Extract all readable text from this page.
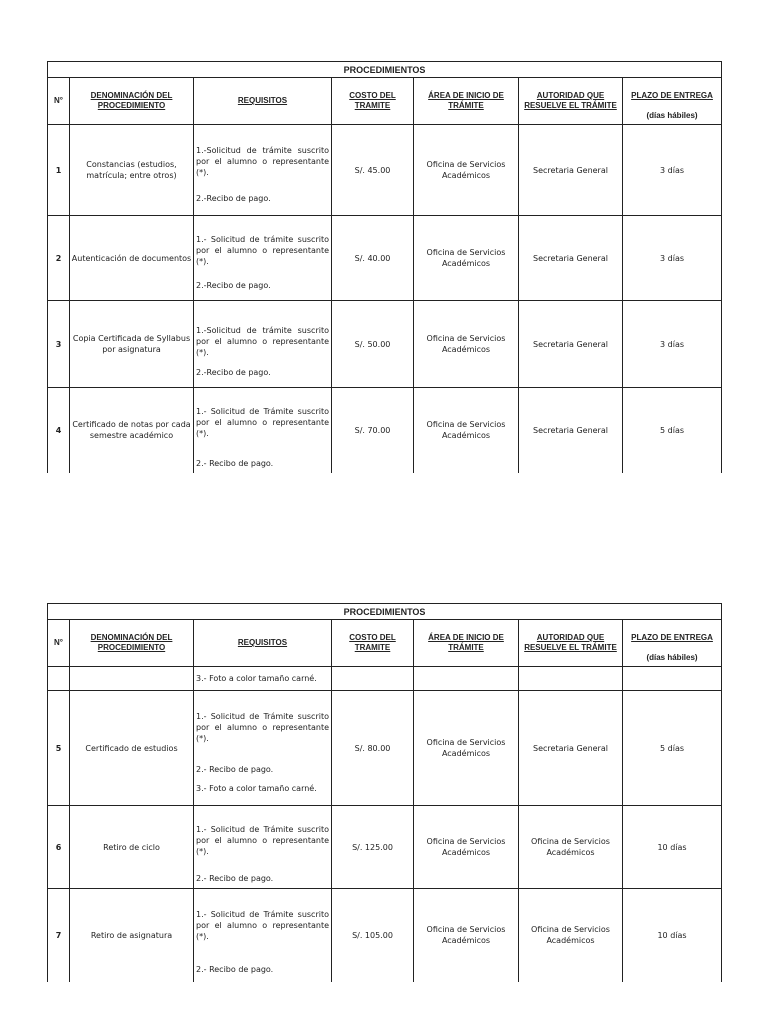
PROCEDIMIENTOS						
N°	DENOMINACIÓN DEL PROCEDIMIENTO	REQUISITOS	COSTO DEL TRAMITE	ÁREA DE INICIO DE TRÁMITE	AUTORIDAD QUE RESUELVE EL TRÁMITE	PLAZO DE ENTREGA
(días hábiles)

1	Constancias (estudios, matrícula; entre otros)	1.-Solicitud de trámite suscrito por el alumno o representante (*).
2.-Recibo de pago.	S/. 45.00	Oficina de Servicios Académicos	Secretaria General	3 días
2	Autenticación de documentos	1.- Solicitud de trámite suscrito por el alumno o representante (*).
2.-Recibo de pago.	S/. 40.00	Oficina de Servicios Académicos	Secretaria General	3 días
3	Copia Certificada de Syllabus por asignatura	1.-Solicitud de trámite suscrito por el alumno o representante (*).
2.-Recibo de pago.	S/. 50.00	Oficina de Servicios Académicos	Secretaria General	3 días
4	Certificado de notas por cada semestre académico	1.- Solicitud de Trámite suscrito por el alumno o representante (*).
2.- Recibo de pago.	S/. 70.00	Oficina de Servicios Académicos	Secretaria General	5 días
PROCEDIMIENTOS						
N°	DENOMINACIÓN DEL PROCEDIMIENTO	REQUISITOS	COSTO DEL TRAMITE	ÁREA DE INICIO DE TRÁMITE	AUTORIDAD QUE RESUELVE EL TRÁMITE	PLAZO DE ENTREGA
(días hábiles)

		3.- Foto a color tamaño carné.				

5	Certificado de estudios	1.- Solicitud de Trámite suscrito por el alumno o representante (*).
2.- Recibo de pago.
3.- Foto a color tamaño carné.	S/. 80.00	Oficina de Servicios Académicos	Secretaria General	5 días
6	Retiro de ciclo	1.- Solicitud de Trámite suscrito por el alumno o representante (*).
2.- Recibo de pago.	S/. 125.00	Oficina de Servicios Académicos	Oficina de Servicios Académicos	10 días
7	Retiro de asignatura	1.- Solicitud de Trámite suscrito por el alumno o representante (*).
2.- Recibo de pago.	S/. 105.00	Oficina de Servicios Académicos	Oficina de Servicios Académicos	10 días
